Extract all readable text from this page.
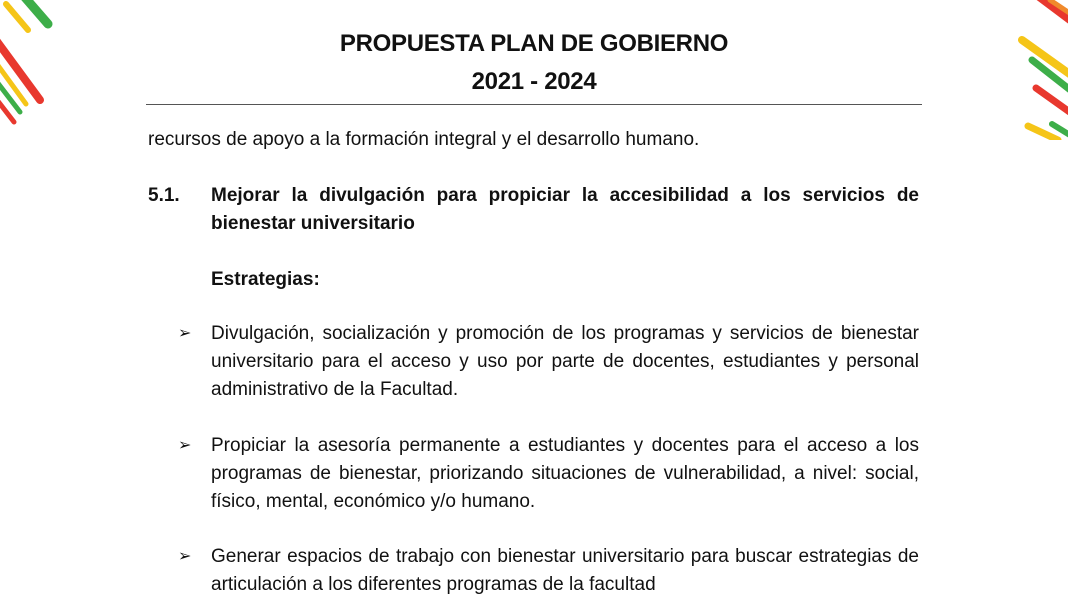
PROPUESTA PLAN DE GOBIERNO
2021 - 2024

recursos de apoyo a la formación integral y el desarrollo humano.

5.1. Mejorar la divulgación para propiciar la accesibilidad a los servicios de bienestar universitario

Estrategias:

➢ Divulgación, socialización y promoción de los programas y servicios de bienestar universitario para el acceso y uso por parte de docentes, estudiantes y personal administrativo de la Facultad.

➢ Propiciar la asesoría permanente a estudiantes y docentes para el acceso a los programas de bienestar, priorizando situaciones de vulnerabilidad, a nivel: social, físico, mental, económico y/o humano.

➢ Generar espacios de trabajo con bienestar universitario para buscar estrategias de articulación a los diferentes programas de la facultad
